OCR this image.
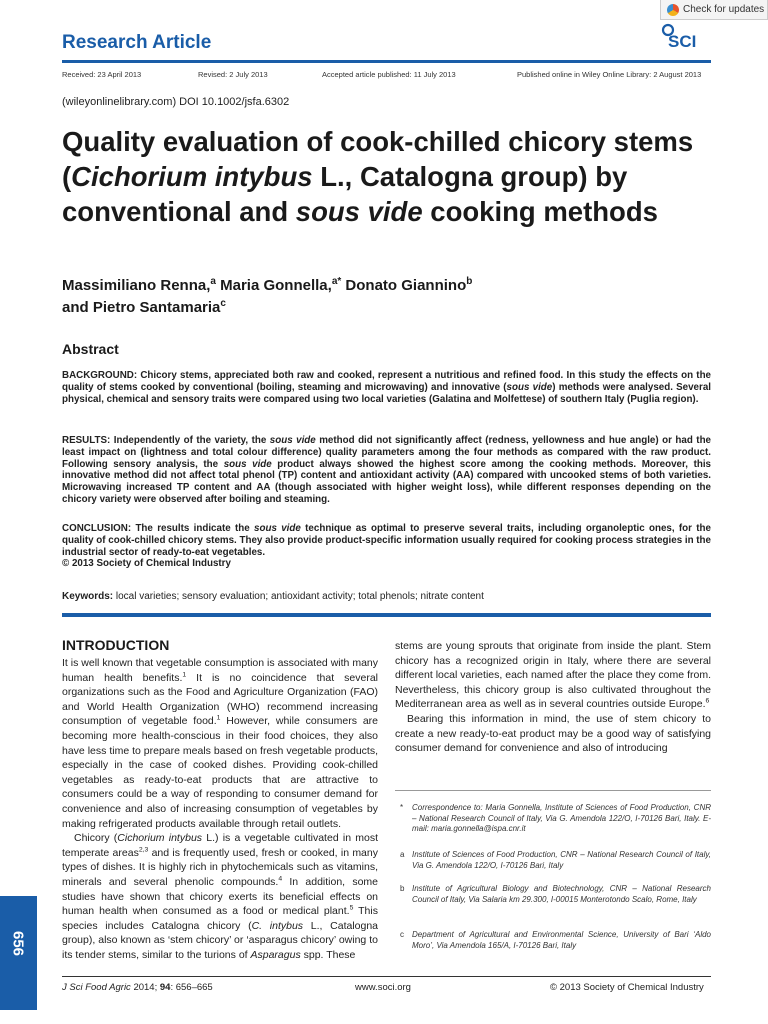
Check for updates
Research Article	SCI
Received: 23 April 2013	Revised: 2 July 2013	Accepted article published: 11 July 2013	Published online in Wiley Online Library: 2 August 2013
(wileyonlinelibrary.com) DOI 10.1002/jsfa.6302
Quality evaluation of cook-chilled chicory stems (Cichorium intybus L., Catalogna group) by conventional and sous vide cooking methods
Massimiliano Renna,$^a$ Maria Gonnella,$^{a*}$ Donato Giannino$^b$
and Pietro Santamaria$^c$
Abstract
BACKGROUND: Chicory stems, appreciated both raw and cooked, represent a nutritious and refined food. In this study the effects on the quality of stems cooked by conventional (boiling, steaming and microwaving) and innovative (sous vide) methods were analysed. Several physical, chemical and sensory traits were compared using two local varieties (Galatina and Molfettese) of southern Italy (Puglia region).
RESULTS: Independently of the variety, the sous vide method did not significantly affect (redness, yellowness and hue angle) or had the least impact on (lightness and total colour difference) quality parameters among the four methods as compared with the raw product. Following sensory analysis, the sous vide product always showed the highest score among the cooking methods. Moreover, this innovative method did not affect total phenol (TP) content and antioxidant activity (AA) compared with uncooked stems of both varieties. Microwaving increased TP content and AA (though associated with higher weight loss), while different responses depending on the chicory variety were observed after boiling and steaming.
CONCLUSION: The results indicate the sous vide technique as optimal to preserve several traits, including organoleptic ones, for the quality of cook-chilled chicory stems. They also provide product-specific information usually required for cooking process strategies in the industrial sector of ready-to-eat vegetables.
© 2013 Society of Chemical Industry
Keywords: local varieties; sensory evaluation; antioxidant activity; total phenols; nitrate content
INTRODUCTION

It is well known that vegetable consumption is associated with many human health benefits.$^1$ It is no coincidence that several organizations such as the Food and Agriculture Organization (FAO) and World Health Organization (WHO) recommend increasing consumption of vegetable food.$^1$ However, while consumers are becoming more health-conscious in their food choices, they also have less time to prepare meals based on fresh vegetable products, especially in the case of cooked dishes. Providing cook-chilled vegetables as ready-to-eat products that are attractive to consumers could be a way of responding to consumer demand for convenience and also of increasing consumption of vegetables by making refrigerated products available through retail outlets.

Chicory (Cichorium intybus L.) is a vegetable cultivated in most temperate areas$^{2,3}$ and is frequently used, fresh or cooked, in many types of dishes. It is highly rich in phytochemicals such as vitamins, minerals and several phenolic compounds.$^4$ In addition, some studies have shown that chicory exerts its beneficial effects on human health when consumed as a food or medical plant.$^5$ This species includes Catalogna chicory (C. intybus L., Catalogna group), also known as ‘stem chicory’ or ‘asparagus chicory’ owing to its tender stems, similar to the turions of Asparagus spp. These

stems are young sprouts that originate from inside the plant. Stem chicory has a recognized origin in Italy, where there are several different local varieties, each named after the place they come from. Nevertheless, this chicory group is also cultivated throughout the Mediterranean area as well as in several countries outside Europe.$^6$

Bearing this information in mind, the use of stem chicory to create a new ready-to-eat product may be a good way of satisfying consumer demand for convenience and also of introducing

* Correspondence to: Maria Gonnella, Institute of Sciences of Food Production, CNR – National Research Council of Italy, Via G. Amendola 122/O, I-70126 Bari, Italy. E-mail: maria.gonnella@ispa.cnr.it
a Institute of Sciences of Food Production, CNR – National Research Council of Italy, Via G. Amendola 122/O, I-70126 Bari, Italy
b Institute of Agricultural Biology and Biotechnology, CNR – National Research Council of Italy, Via Salaria km 29.300, I-00015 Monterotondo Scalo, Rome, Italy
c Department of Agricultural and Environmental Science, University of Bari ‘Aldo Moro’, Via Amendola 165/A, I-70126 Bari, Italy
656
J Sci Food Agric 2014; 94: 656–665	www.soci.org	© 2013 Society of Chemical Industry
